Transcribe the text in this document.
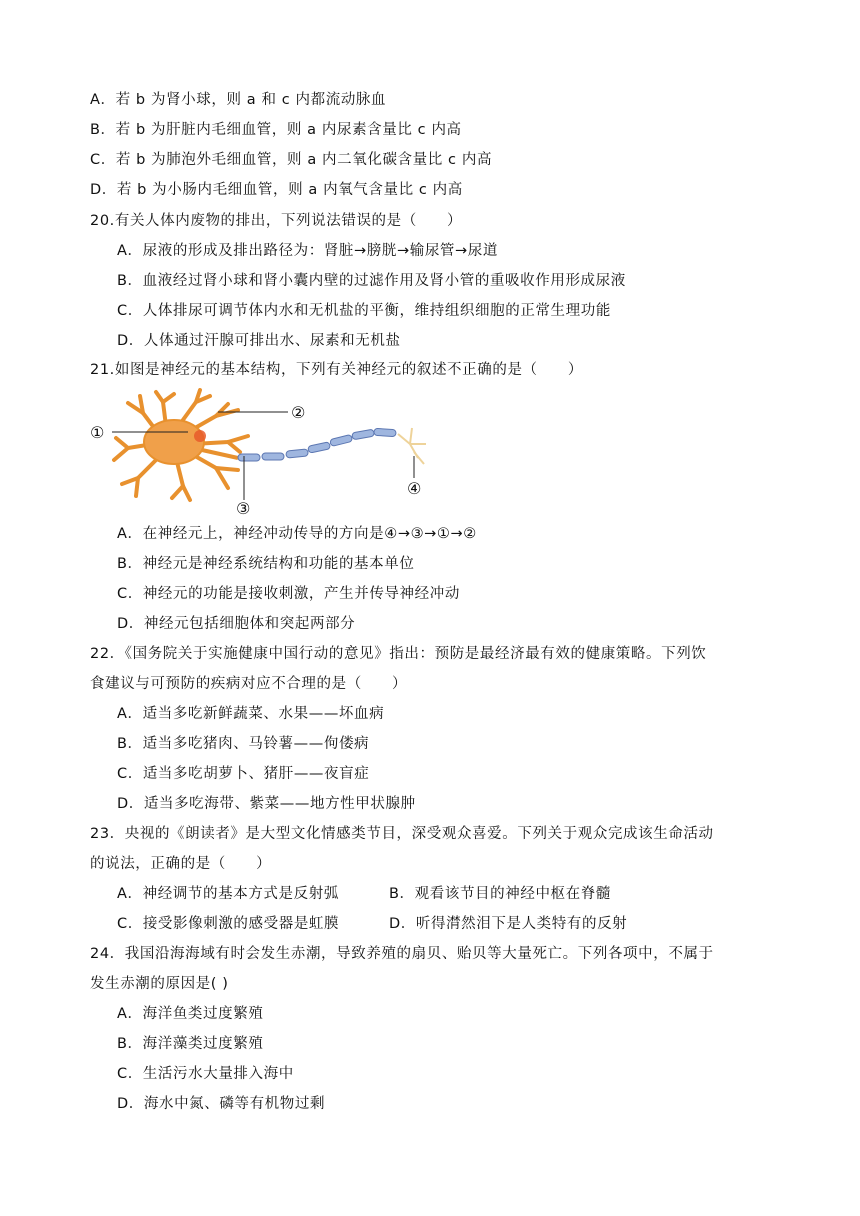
A．若 b 为肾小球，则 a 和 c 内都流动脉血
B．若 b 为肝脏内毛细血管，则 a 内尿素含量比 c 内高
C．若 b 为肺泡外毛细血管，则 a 内二氧化碳含量比 c 内高
D．若 b 为小肠内毛细血管，则 a 内氧气含量比 c 内高
20.有关人体内废物的排出，下列说法错误的是（　　）
A．尿液的形成及排出路径为：肾脏→膀胱→输尿管→尿道
B．血液经过肾小球和肾小囊内壁的过滤作用及肾小管的重吸收作用形成尿液
C．人体排尿可调节体内水和无机盐的平衡，维持组织细胞的正常生理功能
D．人体通过汗腺可排出水、尿素和无机盐
21.如图是神经元的基本结构，下列有关神经元的叙述不正确的是（　　）
①
②
③
④
A．在神经元上，神经冲动传导的方向是④→③→①→②
B．神经元是神经系统结构和功能的基本单位
C．神经元的功能是接收刺激，产生并传导神经冲动
D．神经元包括细胞体和突起两部分
22．《国务院关于实施健康中国行动的意见》指出：预防是最经济最有效的健康策略。下列饮
食建议与可预防的疾病对应不合理的是（　　）
A．适当多吃新鲜蔬菜、水果——坏血病
B．适当多吃猪肉、马铃薯——佝偻病
C．适当多吃胡萝卜、猪肝——夜盲症
D．适当多吃海带、紫菜——地方性甲状腺肿
23．央视的《朗读者》是大型文化情感类节目，深受观众喜爱。下列关于观众完成该生命活动
的说法，正确的是（　　）
A．神经调节的基本方式是反射弧	B．观看该节目的神经中枢在脊髓
C．接受影像刺激的感受器是虹膜	D．听得潸然泪下是人类特有的反射
24．我国沿海海域有时会发生赤潮，导致养殖的扇贝、贻贝等大量死亡。下列各项中，不属于
发生赤潮的原因是( )
A．海洋鱼类过度繁殖
B．海洋藻类过度繁殖
C．生活污水大量排入海中
D．海水中氮、磷等有机物过剩
